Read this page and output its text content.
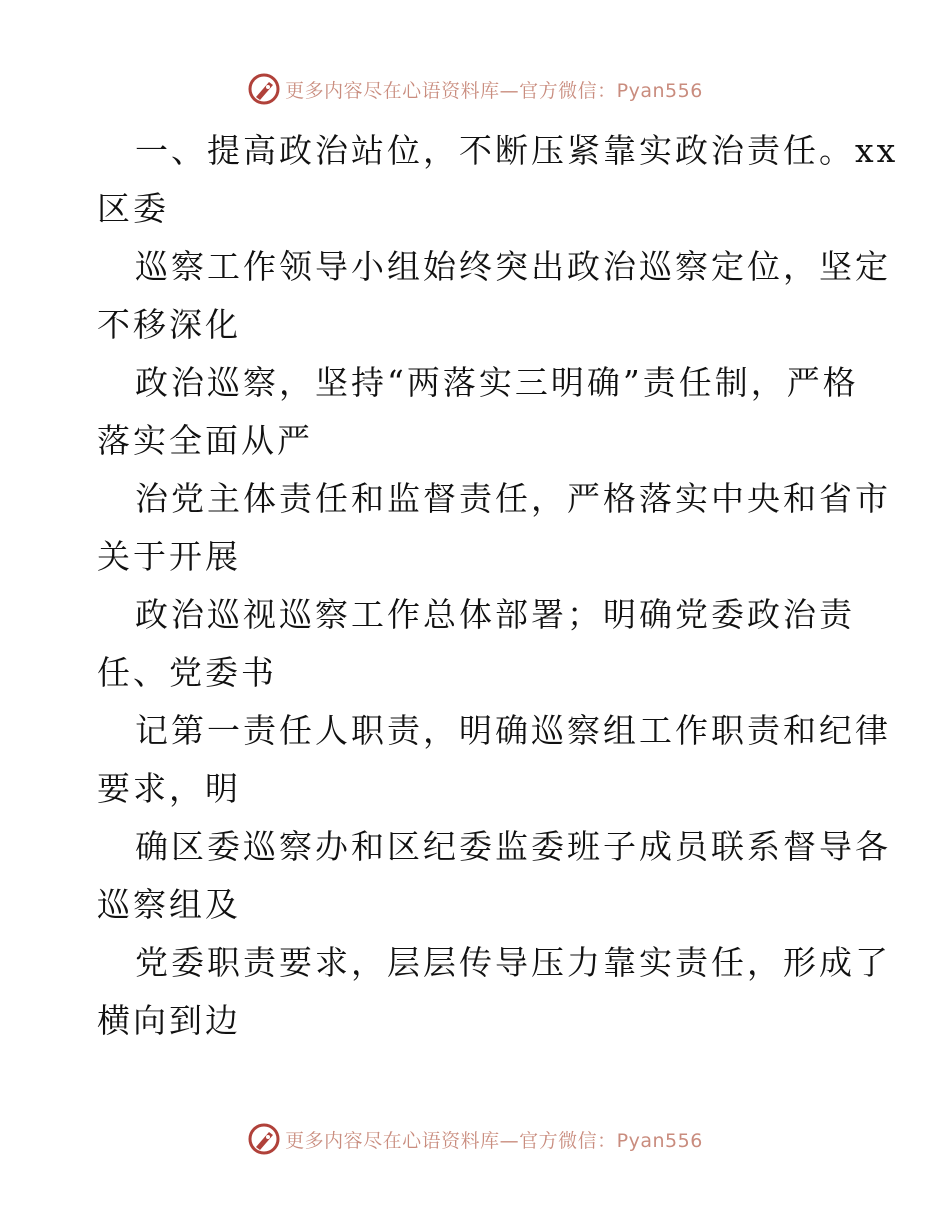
更多内容尽在心语资料库—官方微信：Pyan556
一、提高政治站位，不断压紧靠实政治责任。xx
区委
巡察工作领导小组始终突出政治巡察定位，坚定
不移深化
政治巡察，坚持“两落实三明确”责任制，严格
落实全面从严
治党主体责任和监督责任，严格落实中央和省市
关于开展
政治巡视巡察工作总体部署；明确党委政治责
任、党委书
记第一责任人职责，明确巡察组工作职责和纪律
要求，明
确区委巡察办和区纪委监委班子成员联系督导各
巡察组及
党委职责要求，层层传导压力靠实责任，形成了
横向到边
更多内容尽在心语资料库—官方微信：Pyan556
